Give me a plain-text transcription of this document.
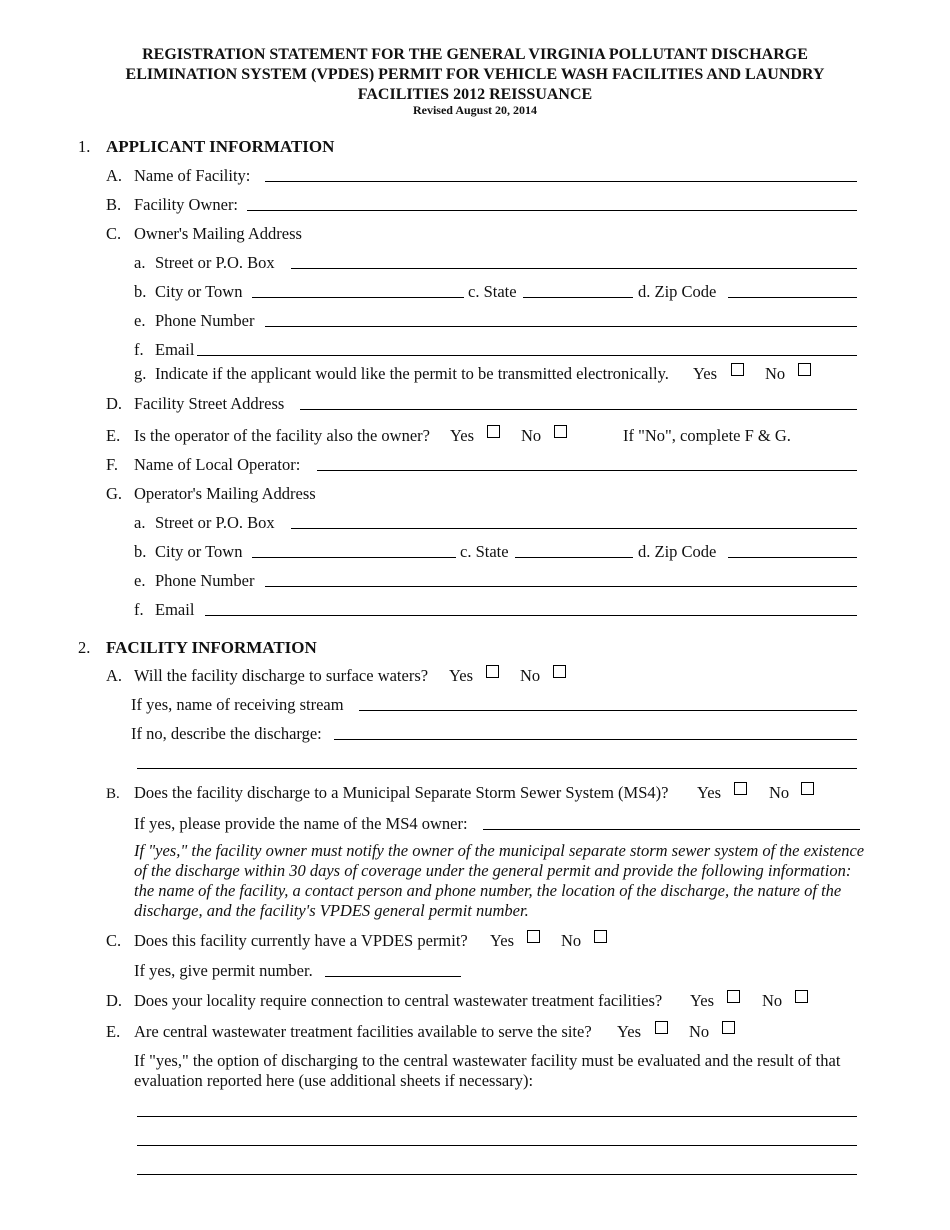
REGISTRATION STATEMENT FOR THE GENERAL VIRGINIA POLLUTANT DISCHARGE
ELIMINATION SYSTEM (VPDES) PERMIT FOR VEHICLE WASH FACILITIES AND LAUNDRY
FACILITIES 2012 REISSUANCE
Revised August 20, 2014
1. APPLICANT INFORMATION
A. Name of Facility:
B. Facility Owner:
C. Owner's Mailing Address
a. Street or P.O. Box
b. City or Town	c. State	d. Zip Code
e. Phone Number
f. Email
g. Indicate if the applicant would like the permit to be transmitted electronically. Yes	No
D. Facility Street Address
E. Is the operator of the facility also the owner? Yes	No	If "No", complete F & G.
F. Name of Local Operator:
G. Operator's Mailing Address
a. Street or P.O. Box
b. City or Town	c. State	d. Zip Code
e. Phone Number
f. Email
2. FACILITY INFORMATION
A. Will the facility discharge to surface waters? Yes	No
If yes, name of receiving stream
If no, describe the discharge:
B. Does the facility discharge to a Municipal Separate Storm Sewer System (MS4)? Yes	No
If yes, please provide the name of the MS4 owner:
If "yes," the facility owner must notify the owner of the municipal separate storm sewer system of the existence of the discharge within 30 days of coverage under the general permit and provide the following information: the name of the facility, a contact person and phone number, the location of the discharge, the nature of the discharge, and the facility's VPDES general permit number.
C. Does this facility currently have a VPDES permit? Yes	No
If yes, give permit number.
D. Does your locality require connection to central wastewater treatment facilities? Yes	No
E. Are central wastewater treatment facilities available to serve the site? Yes	No
If "yes," the option of discharging to the central wastewater facility must be evaluated and the result of that evaluation reported here (use additional sheets if necessary):
